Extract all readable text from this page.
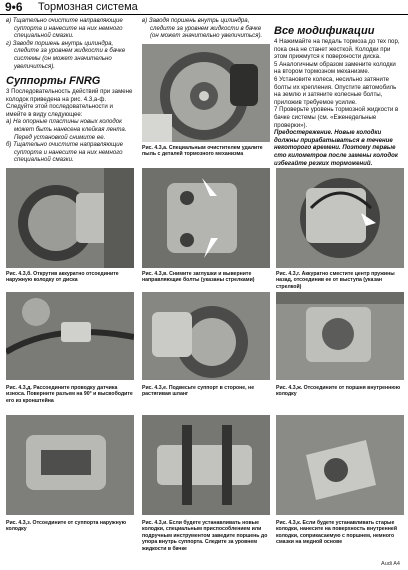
9•6 Тормозная система

в) Тщательно очистите направляющие суппорта и нанесите на них немного специальной смазки.

г) Заводя поршень внутрь цилиндра, следите за уровнем жидкости в бачке системы (он может значительно увеличиться).

Суппорты FNRG

3 Последовательность действий при замене колодок приведена на рис. 4.3,а-ф. Следуйте этой последовательности и имейте в виду следующее:

а) На опорные пластины новых колодок может быть нанесена клейкая лента. Перед установкой снимите ее.

б) Тщательно очистите направляющие суппорта и нанесите на них немного специальной смазки.

в) Заводя поршень внутрь цилиндра, следите за уровнем жидкости в бачке (он может значительно увеличиться).

Рис. 4.3,а. Специальным очистителем удалите пыль с деталей тормозного механизма
Все модификации

4 Нажимайте на педаль тормоза до тех пор, пока она не станет жесткой. Колодки при этом прижмутся к поверхности диска.

5 Аналогичным образом замените колодки на втором тормозном механизме.

6 Установите колеса, несильно затяните болты их крепления. Опустите автомобиль на землю и затяните колесные болты, приложив требуемое усилие.

7 Проверьте уровень тормозной жидкости в бачке системы (см. «Еженедельные проверки»).

Предостережение. Новые колодки должны прирабатываться в течение некоторого времени. Поэтому первые сто километров после замены колодок избегайте резких торможений.

Рис. 4.3,б. Открутив аккуратно отсоедините наружную колодку от диска
Рис. 4.3,в. Снимите заглушки и выверните направляющие болты (указаны стрелками)
Рис. 4.3,г. Аккуратно сместите центр пружины назад, отсоединив ее от выступа (указан стрелкой)
Рис. 4.3,д. Рассоедините проводку датчика износа. Поверните разъем на 90° и высвободите его из кронштейна
Рис. 4.3,е. Подвесьте суппорт в стороне, не растягивая шланг
Рис. 4.3,ж. Отсоедините от поршня внутреннюю колодку
Рис. 4.3,з. Отсоедините от суппорта наружную колодку
Рис. 4.3,и. Если будете устанавливать новые колодки, специальным приспособлением или подручным инструментом заведите поршень до упора внутрь суппорта. Следите за уровнем жидкости в бачке
Рис. 4.3,к. Если будете устанавливать старые колодки, нанесите на поверхность внутренней колодки, соприкасаемую с поршнем, немного смазки на медной основе
Audi A4
